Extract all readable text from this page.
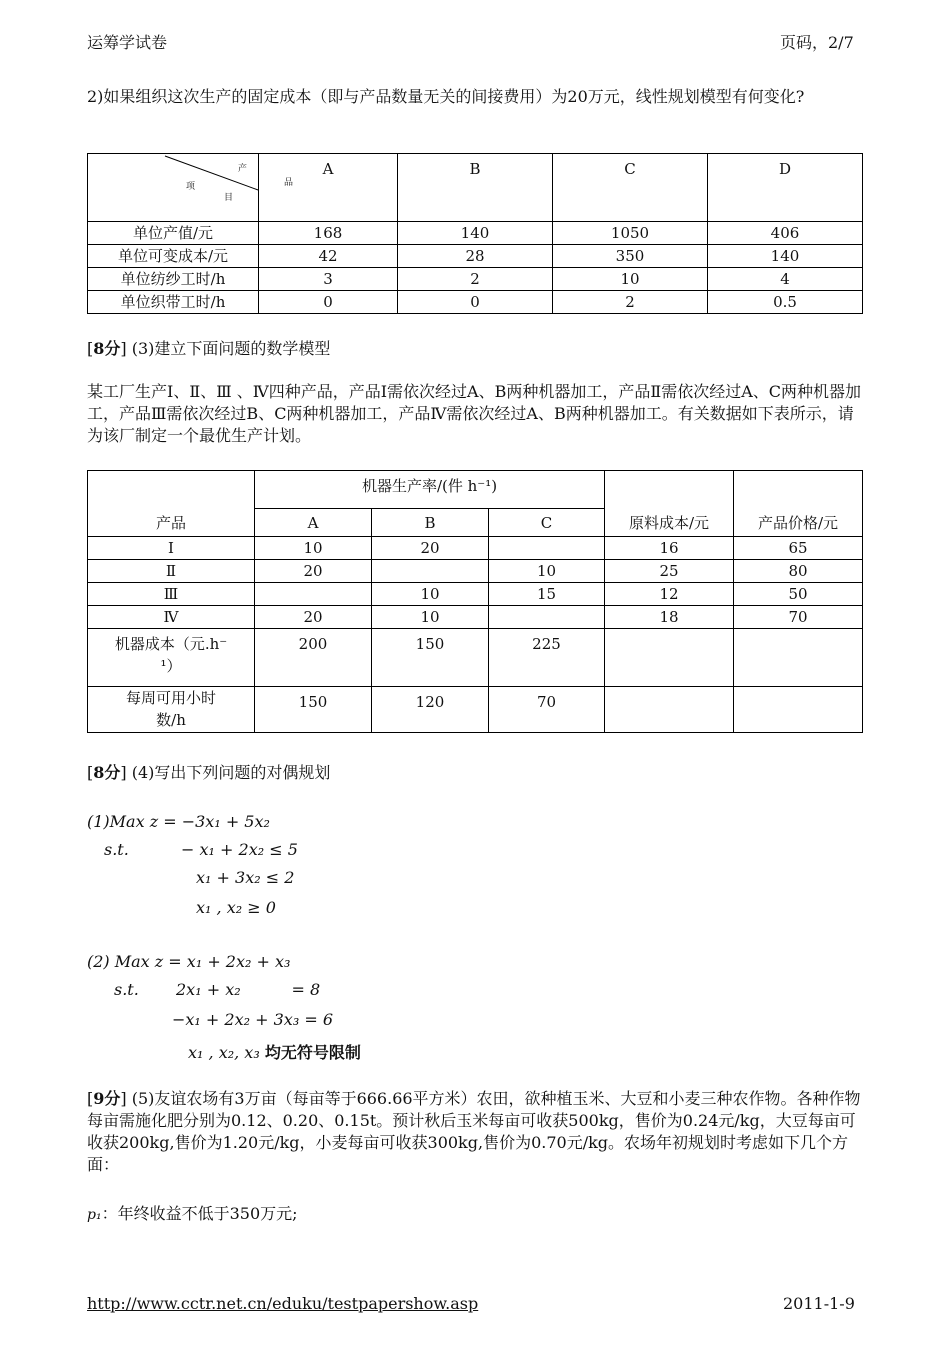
运筹学试卷	页码，2/7
2)如果组织这次生产的固定成本（即与产品数量无关的间接费用）为20万元，线性规划模型有何变化?
产
品
项
目	A	B	C	D
单位产值/元	168	140	1050	406
单位可变成本/元	42	28	350	140
单位纺纱工时/h	3	2	10	4
单位织带工时/h	0	0	2	0.5
[8分] (3)建立下面问题的数学模型
某工厂生产Ⅰ、Ⅱ、Ⅲ 、Ⅳ四种产品，产品Ⅰ需依次经过A、B两种机器加工，产品Ⅱ需依次经过A、C两种机器加工，产品Ⅲ需依次经过B、C两种机器加工，产品Ⅳ需依次经过A、B两种机器加工。有关数据如下表所示，请为该厂制定一个最优生产计划。
产品	机器生产率/(件 h⁻¹)			原料成本/元	产品价格/元
	A	B	C		
Ⅰ	10	20		16	65
Ⅱ	20		10	25	80
Ⅲ		10	15	12	50
Ⅳ	20	10		18	70

机器成本（元.h⁻
¹）	200	150	225		

每周可用小时
数/h	150	120	70		
[8分] (4)写出下列问题的对偶规划
(1)Max z = −3x₁ + 5x₂
s.t.	− x₁ + 2x₂ ≤ 5
x₁ + 3x₂ ≤ 2
x₁ , x₂ ≥ 0
(2) Max z = x₁ + 2x₂ + x₃
s.t. 2x₁ + x₂          = 8
−x₁ + 2x₂ + 3x₃ = 6
x₁ , x₂, x₃ 均无符号限制
[9分] (5)友谊农场有3万亩（每亩等于666.66平方米）农田，欲种植玉米、大豆和小麦三种农作物。各种作物每亩需施化肥分别为0.12、0.20、0.15t。预计秋后玉米每亩可收获500kg，售价为0.24元/kg，大豆每亩可收获200kg,售价为1.20元/kg，小麦每亩可收获300kg,售价为0.70元/kg。农场年初规划时考虑如下几个方面：
p₁：年终收益不低于350万元;
http://www.cctr.net.cn/eduku/testpapershow.asp	2011-1-9
